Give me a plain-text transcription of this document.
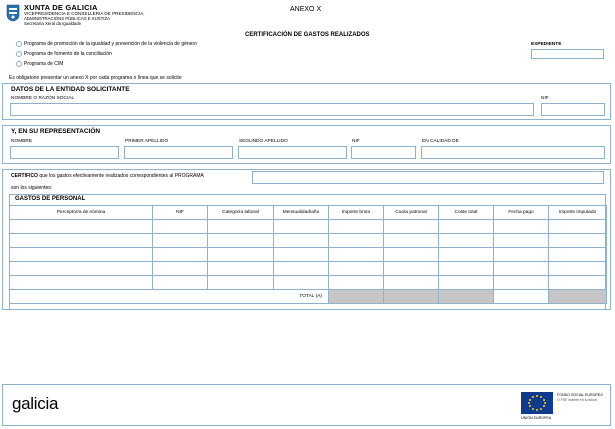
XUNTA DE GALICIA
VICEPRESIDENCIA E CONSELLERIA DE PRESIDENCIA,
ADMINISTRACIÓNS PÚBLICAS E XUSTIZA
Secretaría Xeral da Igualdade
ANEXO X
CERTIFICACIÓN DE GASTOS REALIZADOS
Programa de promoción de la igualdad y prevención de la violencia de género
Programa de fomento de la conciliación
Programa de CIM
EXPEDIENTE
Es obligatorio presentar un anexo X por cada programa o línea que se solicite
DATOS DE LA ENTIDAD SOLICITANTE
NOMBRE O RAZÓN SOCIAL	NIF
Y, EN SU REPRESENTACIÓN
NOMBRE	PRIMER APELLIDO	SEGUNDO APELLIDO	NIF	EN CALIDAD DE
CERTIFICO que los gastos efectivamente realizados correspondientes al PROGRAMA
son los siguientes:
GASTOS DE PERSONAL
Perceptor/a de nómina	NIF	Categoría laboral	Mensualidad/año	Importe bruto	Cuota patronal	Coste total	Fecha pago	Importe imputado

TOTAL (A)								
galicia	FONDO SOCIAL EUROPEO
O FSE invierte en tu futuro
UNIÓN EUROPEA
